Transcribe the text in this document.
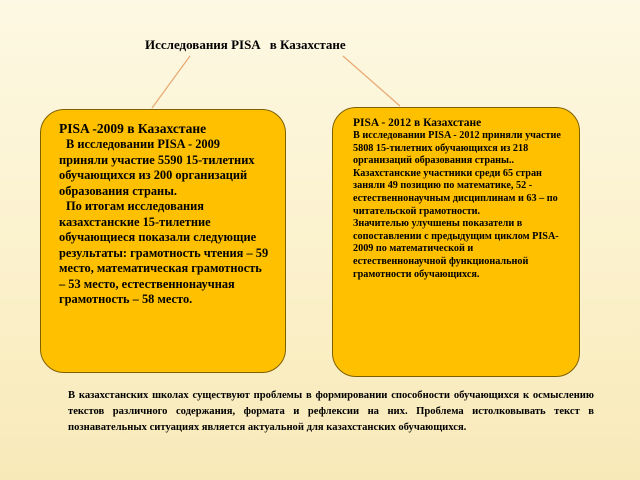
Исследования PISA   в Казахстане
PISA -2009 в Казахстане
В исследовании PISA - 2009 приняли участие 5590 15-тилетних обучающихся из 200 организаций образования страны.
По итогам исследования казахстанские 15-тилетние обучающиеся показали следующие результаты: грамотность чтения – 59 место, математическая грамотность – 53 место, естественнонаучная грамотность – 58 место.
PISA - 2012 в Казахстане
В исследовании PISA - 2012 приняли участие 5808 15-тилетних обучающихся из 218 организаций образования страны..
Казахстанские участники среди 65 стран заняли 49 позицию по математике, 52 - естественнонаучным дисциплинам и 63 – по читательской грамотности.
Значителью улучшены показатели в сопоставлении с предыдущим циклом PISA-2009 по математической и естественнонаучной функциональной грамотности обучающихся.
В казахстанских школах существуют проблемы в формировании способности обучающихся к осмыслению текстов различного содержания, формата и рефлексии на них. Проблема истолковывать текст в познавательных ситуациях является актуальной для казахстанских обучающихся.
